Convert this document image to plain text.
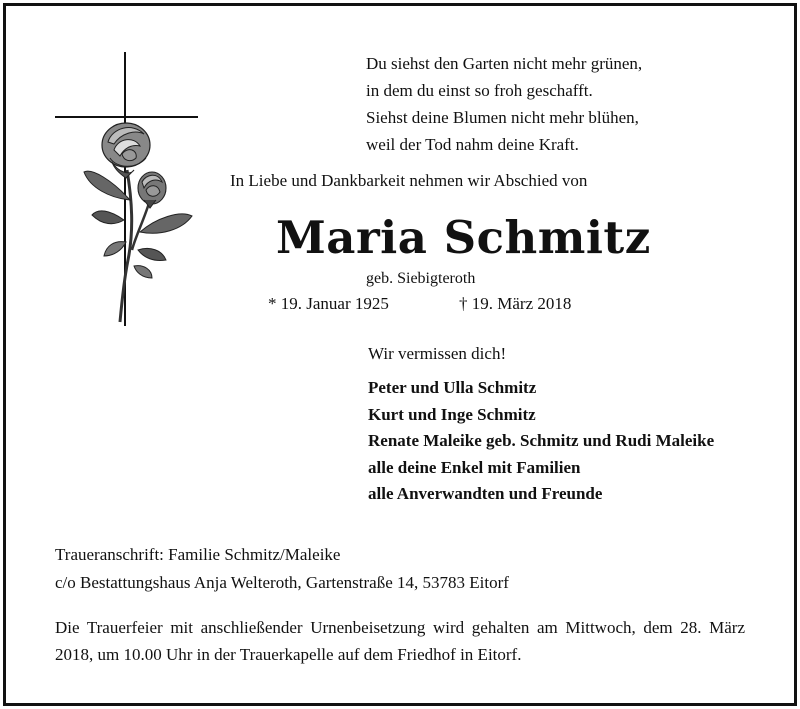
Du siehst den Garten nicht mehr grünen,
in dem du einst so froh geschafft.
Siehst deine Blumen nicht mehr blühen,
weil der Tod nahm deine Kraft.
In Liebe und Dankbarkeit nehmen wir Abschied von
Maria Schmitz
geb. Siebigteroth
* 19. Januar 1925	† 19. März 2018
Wir vermissen dich!
Peter und Ulla Schmitz
Kurt und Inge Schmitz
Renate Maleike geb. Schmitz und Rudi Maleike
alle deine Enkel mit Familien
alle Anverwandten und Freunde
Traueranschrift: Familie Schmitz/Maleike
c/o Bestattungshaus Anja Welteroth, Gartenstraße 14, 53783 Eitorf
Die Trauerfeier mit anschließender Urnenbeisetzung wird gehalten am Mittwoch, dem 28. März 2018, um 10.00 Uhr in der Trauerkapelle auf dem Friedhof in Eitorf.
